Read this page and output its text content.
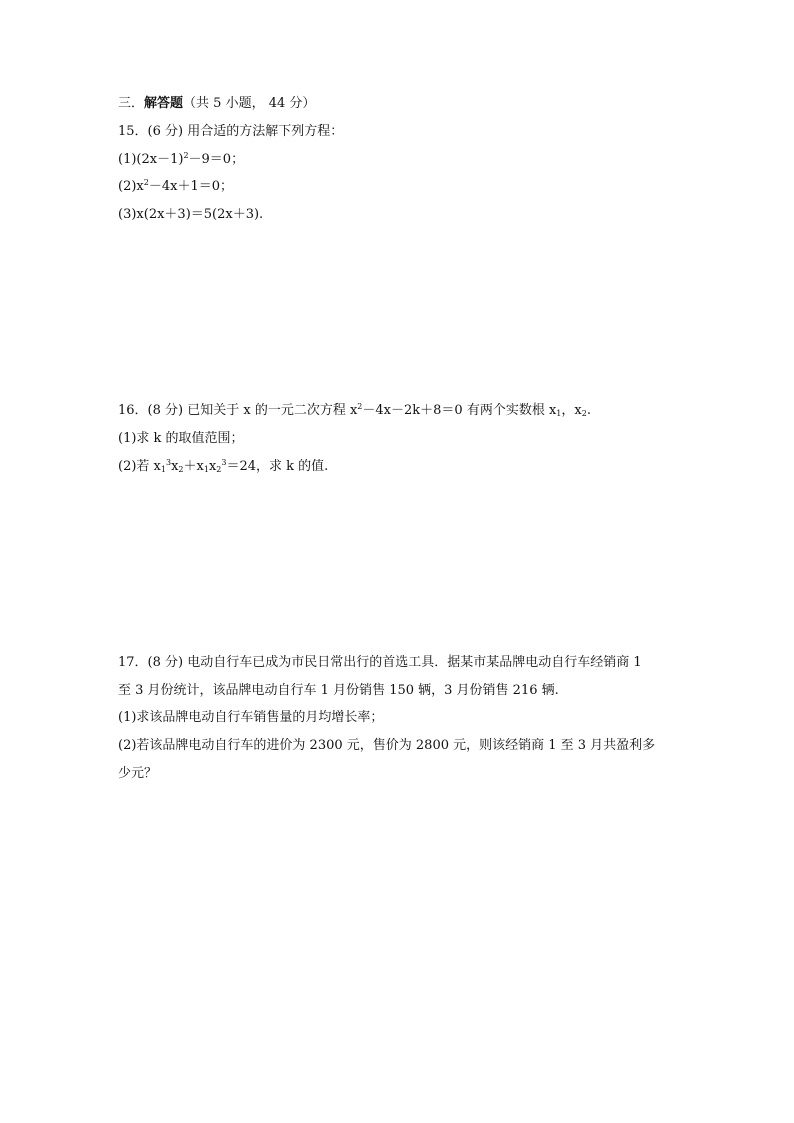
三．解答题（共 5 小题， 44 分）
15．(6 分) 用合适的方法解下列方程：
$(1)(2x-1)^2-9=0$；
$(2)x^2-4x+1=0$；
(3)x(2x＋3)＝5(2x＋3).
16．(8 分) 已知关于 x 的一元二次方程 $x^2-4x-2k+8=0$ 有两个实数根 $x_1$，$x_2$.
(1)求 k 的取值范围；
(2)若 $x_1^3x_2+x_1x_2^3=24$，求 k 的值.
17．(8 分) 电动自行车已成为市民日常出行的首选工具．据某市某品牌电动自行车经销商 1
至 3 月份统计，该品牌电动自行车 1 月份销售 150 辆，3 月份销售 216 辆.
(1)求该品牌电动自行车销售量的月均增长率；
(2)若该品牌电动自行车的进价为 2300 元，售价为 2800 元，则该经销商 1 至 3 月共盈利多
少元？
